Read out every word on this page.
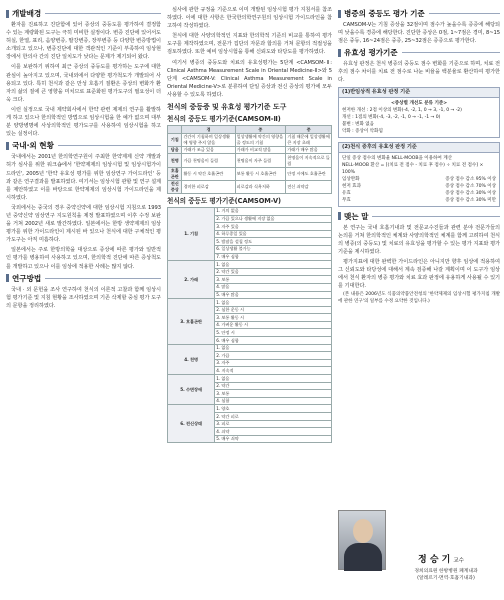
개발배경

환자를 진료하고 진단함에 있어 증상의 중등도를 평가하여 결정함 수 있는 계량화된 도구는 극히 미비한 실정이다. 변증 진단에 있어서도 허실, 한열, 표리, 음양변증, 팔강변증, 장부변증 등 다양한 변증방법이 소개되고 있으나, 변증진단에 대한 객관적인 기준이 부족하여 임상현장에서 한의사 간의 진단 일치도가 낮다는 문제가 제기되어 왔다.

이를 보완하기 위하여 최근 증상의 중등도를 평가하는 도구에 대한 관심이 높아지고 있으며, 국내외에서 다양한 평가척도가 개발되어 사용되고 있다. 특히 천식과 같은 만성 호흡기 질환은 증상의 변화가 환자의 삶의 질에 큰 영향을 미치므로 표준화된 평가도구의 필요성이 더욱 크다.

이런 실정으로 국내 제약회사에서 한약 관련 제제의 연구를 활발하게 하고 있으나 한의학적인 방법으로 임상시험을 한 예가 없으며 대부분 양방병명에 사상의학적인 평가도구를 사용하여 임상시험을 하고 있는 실정이다.

국내·외 현황

국내에서는 2001년 한의학연구원이 주최한 한약제제 신약 개발과 허가 심사를 위한 워크숍에서 '한약제제의 임상시험 및 임상시험가이드라인', 2005년 '한약 유효성 평가를 위한 임상연구 가이드라인' 등과 같은 연구결과를 발표하였다. 여기서는 임상시험 관할 및 연구 설계를 제안하였고 이를 바탕으로 한약제제의 임상시험 가이드라인을 제시하였다.

국외에서는 중국의 경우 중약신약에 대한 임상시험 지침으로 1993년 중약신약 임상연구 지도원칙을 제정 발표하였으며 이후 수정 보완을 거쳐 2002년 새로 발간하였다. 일본에서는 한방 생약제제의 임상평가를 위한 가이드라인이 제시된 바 있으나 천식에 대한 구체적인 평가도구는 아직 미흡하다.

일본에서는 주로 한방의학을 대상으로 증상에 따른 평가와 일반적인 평가를 병용하여 사용하고 있으며, 한의학적 진단에 따른 증상척도를 개발하고 있으나 이를 임상에 적용한 사례는 많지 않다.

연구방법

국내 · 외 문헌을 조사 연구하여 천식의 이론적 고찰과 함께 임상시험 평가기준 및 지침 현황을 조사하였으며 기존 삭제할 중심 평가 도구의 문항을 정리하였다.

심사에 관한 규정을 기준으로 이미 개발된 임상시험 평가 지침서를 참조하였다. 이에 대한 사항은 한국한의학연구원의 임상시험 가이드라인을 참고하여 작성하였다.

천식에 대한 사양의학적인 지표와 한의학적 기준의 비교를 통하여 평가 도구를 제작하였으며, 전문가 집단의 자문과 합의를 거쳐 문항의 적절성을 검토하였다. 또한 예비 임상시험을 통해 신뢰도와 타당도를 평가하였다.

여기서 병증의 중등도와 치료의 유효성평가는 5단계 <CAMSOM-Ⅱ: Clinical Asthma Measurement Scale in Oriental Medicine-Ⅱ>와 5단계 <CAMSOM-V: Clinical Asthma Measurement Scale in Oriental Medicine-V>로 분류하여 단일 증상과 전신 증상의 평가에 모두 사용할 수 있도록 하였다.

천식의 중등증 및 유효성 평가기준 도구
천식의 중등도 평가기준(CAMSOM-Ⅱ)
	경	중	중
기침	간간이 기침하며 일상생활에 영향 주지 않음	일상생활에 약간의 영향을 줄 정도의 기침	기침 때문에 일상생활에 큰 지장 초래
담음	가래가 조금 있음	가래가 비교적 많음	가래가 매우 많음
천명	가끔 천명음이 들림	천명음이 자주 들림	천명음이 지속적으로 들림
호흡곤란	활동 시 약간 호흡곤란	보통 활동 시 호흡곤란	안정 시에도 호흡곤란
전신증상	경미한 피로감	피로감과 식욕저하	전신 쇠약감
천식의 중등도 평가기준(CAMSOM-V)
1. 기침	1. 거의 없음
	2. 가끔 있으나 생활에 지장 없음
	3. 자주 있음
	4. 하루종일 있음
	5. 밤잠을 설칠 정도
	6. 일상생활 불가능
	7. 매우 심함
2. 가래	1. 없음
	2. 약간 있음
	3. 보통
	4. 많음
	5. 매우 많음
3. 호흡곤란	1. 없음
	2. 심한 운동 시
	3. 보통 활동 시
	4. 가벼운 활동 시
	5. 안정 시
	6. 매우 심함
4. 천명	1. 없음
	2. 가끔
	3. 자주
	4. 지속적
5. 수면장애	1. 없음
	2. 약간
	3. 보통
	4. 심함
6. 전신상태	1. 양호
	2. 약간 피로
	3. 피로
	4. 쇠약
	5. 매우 쇠약
병증의 중등도 평가 기준

CAMSOM-V는 기침 증상을 32점이며 점수가 높을수록 증증에 해당되며 낮을수록 경증에 해당한다. 진단한 증상은 0점, 1~7점은 경미, 8~15점은 중등, 16~24점은 중증, 25~32점은 증증으로 평가한다.

유효성 평가기준

유효성 판정은 천식 병증의 중등도 점수 변화를 기준으로 하며, 치료 전후의 점수 차이를 치료 전 점수로 나눈 비율을 백분율로 환산하여 평가한다.

(1)반임상적 유효성 판정 기준
<증상별 개선도 분류 기준>
현저한 개선 : 2점 이상의 변화(-4, -2, 1, 0 → 3, -1, 0 → -2)
개선 : 1점의 변화(-4, -3, -2, -1, 0 → -1, -1 → 0)
불변 : 변화 없음
악화 : 증상이 악화됨
(2)천식 증후의 유효성 판정 기준
단일 증상 점수의 변화율 NELL-MOOB을 이용하여 계산
NELL-MOOB 환산 = [(치료 전 점수 - 치료 후 점수) ÷ 치료 전 점수] × 100%
임상완화	증상 점수 감소 95% 이상
현저 효과	증상 점수 감소 70% 이상
유효	증상 점수 감소 30% 이상
무효	증상 점수 감소 30% 미만
맺는 말

본 연구는 국내 호흡기내과 및 전문교수진들과 관련 분야 전문가들의 논의를 거쳐 한의학적인 체계와 사양의학적인 체계를 함께 고려하여 천식의 병증(의 중등도) 및 치료의 유효성을 평가할 수 있는 평가 지표와 평가기준을 제시하였다.

평가지표에 대한 완벽한 가이드라인은 아니지만 향후 임상에 적용하여 그 신뢰도와 타당성에 대해서 계속 검증해 나갈 계획이며 이 도구가 임상에서 천식 환자의 병증 평가와 치료 효과 판정에 유용하게 사용될 수 있기를 기대한다.

(본 내용은 2006년도 식품의약품안전청의 '한약제제의 임상시험 평가지침 개발에 관한 연구'의 일부를 수정 요약한 것입니다.)

정 승 기 교수
경희의료원 한방병원 폐계내과
(알레르기·면역·호흡기내과)
